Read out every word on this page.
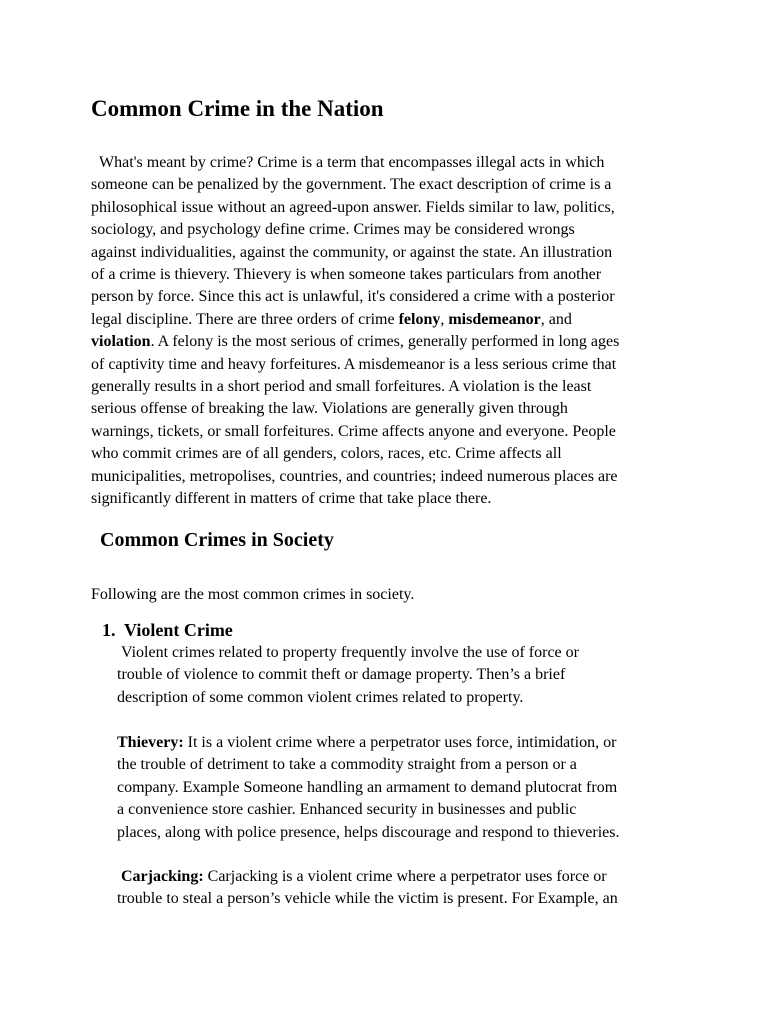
Common Crime in the Nation
What's meant by crime? Crime is a term that encompasses illegal acts in which
someone can be penalized by the government. The exact description of crime is a
philosophical issue without an agreed-upon answer. Fields similar to law, politics,
sociology, and psychology define crime. Crimes may be considered wrongs
against individualities, against the community, or against the state. An illustration
of a crime is thievery. Thievery is when someone takes particulars from another
person by force. Since this act is unlawful, it's considered a crime with a posterior
legal discipline. There are three orders of crime felony, misdemeanor, and
violation. A felony is the most serious of crimes, generally performed in long ages
of captivity time and heavy forfeitures. A misdemeanor is a less serious crime that
generally results in a short period and small forfeitures. A violation is the least
serious offense of breaking the law. Violations are generally given through
warnings, tickets, or small forfeitures. Crime affects anyone and everyone. People
who commit crimes are of all genders, colors, races, etc. Crime affects all
municipalities, metropolises, countries, and countries; indeed numerous places are
significantly different in matters of crime that take place there.
Common Crimes in Society
Following are the most common crimes in society.
1. Violent Crime
Violent crimes related to property frequently involve the use of force or
trouble of violence to commit theft or damage property. Then’s a brief
description of some common violent crimes related to property.
Thievery: It is a violent crime where a perpetrator uses force, intimidation, or
the trouble of detriment to take a commodity straight from a person or a
company. Example Someone handling an armament to demand plutocrat from
a convenience store cashier. Enhanced security in businesses and public
places, along with police presence, helps discourage and respond to thieveries.
Carjacking: Carjacking is a violent crime where a perpetrator uses force or
trouble to steal a person’s vehicle while the victim is present. For Example, an
